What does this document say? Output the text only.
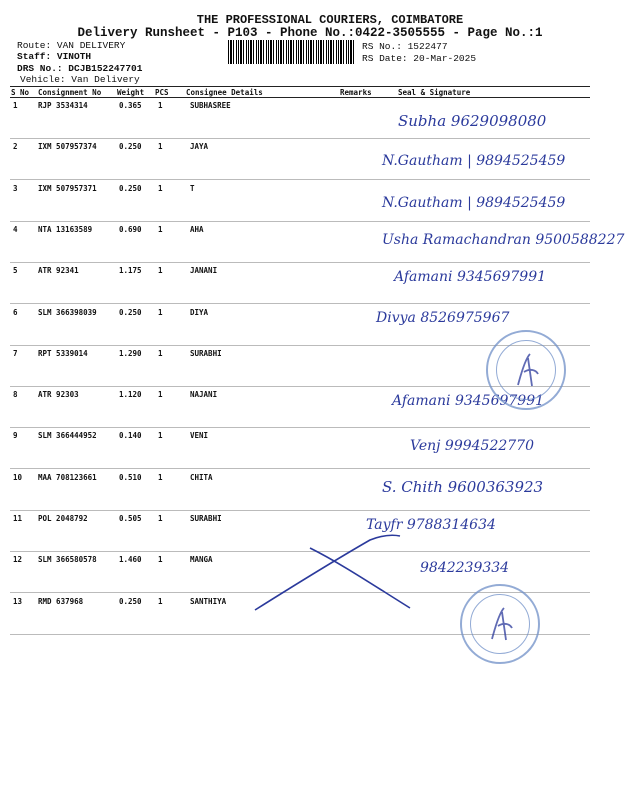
THE PROFESSIONAL COURIERS, COIMBATORE
Delivery Runsheet - P103 - Phone No.:0422-3505555 - Page No.:1
Route: VAN DELIVERY
Staff: VINOTH
DRS No.: DCJB152247701
Vehicle: Van Delivery
RS No.: 1522477
RS Date: 20-Mar-2025
S No Consignment No Weight PCS Consignee Details	Remarks	Seal & Signature
1	RJP 3534314	0.365 1	SUBHASREE
Subha 9629098080
2	IXM 507957374	0.250 1	JAYA
N.Gautham | 9894525459
3	IXM 507957371	0.250 1	T
N.Gautham | 9894525459
4	NTA 13163589	0.690 1	AHA
Usha Ramachandran 9500588227
5	ATR 92341	1.175 1	JANANI	Afamani 9345697991
6	SLM 366398039	0.250 1	DIYA	Divya 8526975967
7	RPT 5339014	1.290 1	SURABHI
8	ATR 92303	1.120 1	NAJANI	Afamani 9345697991
9	SLM 366444952	0.140 1	VENI
Venj 9994522770
10 MAA 708123661	0.510 1	CHITA
S. Chith 9600363923
11 POL 2048792	0.505 1	SURABHI	Tayfr 9788314634
12 SLM 366580578	1.460 1	MANGA
9842239334
13 RMD 637968	0.250 1	SANTHIYA
